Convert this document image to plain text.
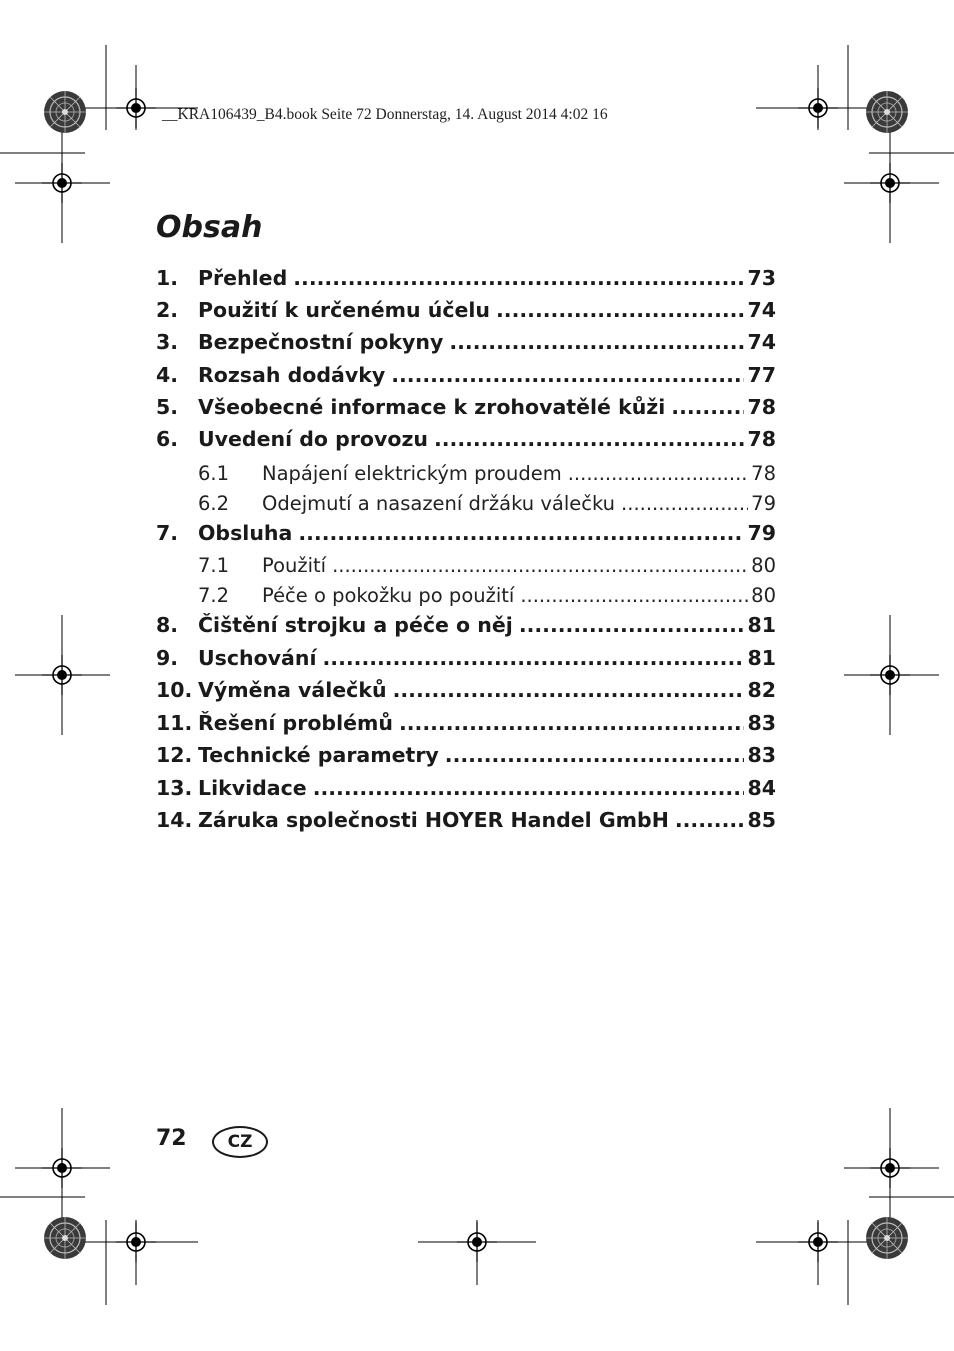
__KRA106439_B4.book Seite 72 Donnerstag, 14. August 2014 4:02 16
Obsah
1. Přehled .....	73
2. Použití k určenému účelu .....	74
3. Bezpečnostní pokyny .....	74
4. Rozsah dodávky .....	77
5. Všeobecné informace k zrohovatělé kůži .....	78
6. Uvedení do provozu .....	78
6.1	Napájení elektrickým proudem .....	78
6.2	Odejmutí a nasazení držáku válečku .....	79
7. Obsluha .....	79
7.1	Použití .....	80
7.2	Péče o pokožku po použití .....	80
8. Čištění strojku a péče o něj .....	81
9. Uschování .....	81
10. Výměna válečků .....	82
11. Řešení problémů .....	83
12. Technické parametry .....	83
13. Likvidace .....	84
14. Záruka společnosti HOYER Handel GmbH .....	85
72	CZ
